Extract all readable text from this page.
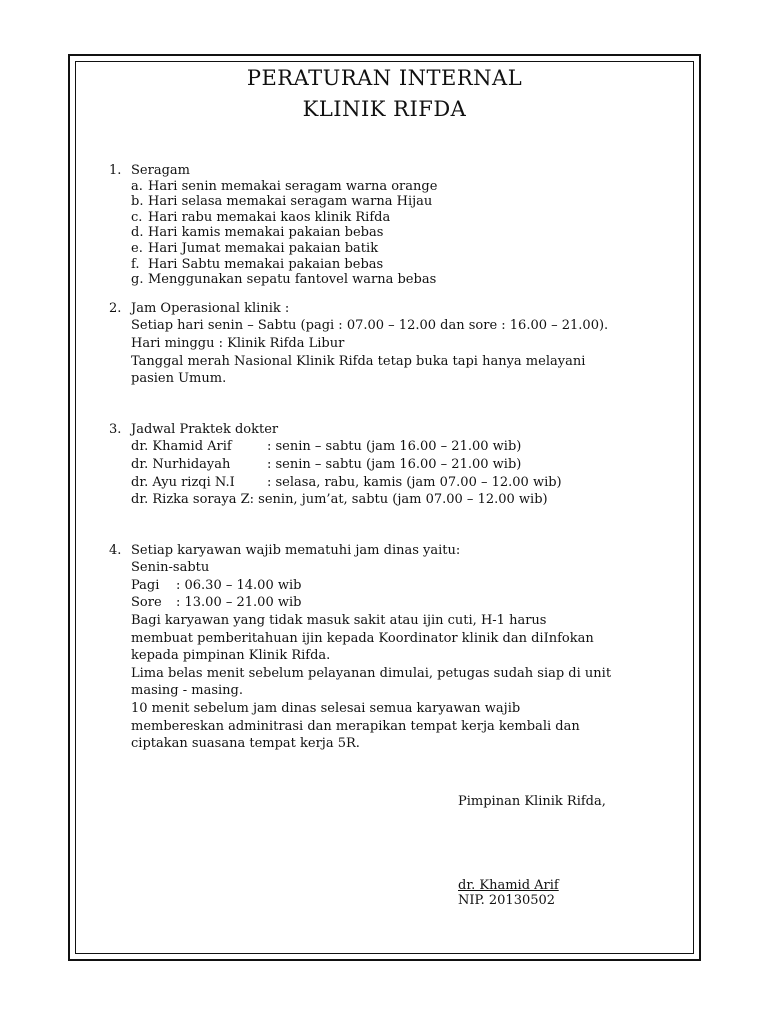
PERATURAN INTERNAL
KLINIK RIFDA
1. Seragam
a. Hari senin memakai seragam warna orange
b. Hari selasa memakai seragam warna Hijau
c. Hari rabu memakai kaos klinik Rifda
d. Hari kamis memakai pakaian bebas
e. Hari Jumat memakai pakaian batik
f. Hari Sabtu memakai pakaian bebas
g. Menggunakan sepatu fantovel warna bebas
2. Jam Operasional klinik :
Setiap hari senin – Sabtu (pagi : 07.00 – 12.00 dan sore : 16.00 – 21.00).
Hari minggu : Klinik Rifda Libur
Tanggal merah Nasional Klinik Rifda tetap buka tapi hanya melayani
pasien Umum.
3. Jadwal Praktek dokter
dr. Khamid Arif	: senin – sabtu (jam 16.00 – 21.00 wib)
dr. Nurhidayah	: senin – sabtu (jam 16.00 – 21.00 wib)
dr. Ayu rizqi N.I	: selasa, rabu, kamis (jam 07.00 – 12.00 wib)
dr. Rizka soraya Z : senin, jum’at, sabtu (jam 07.00 – 12.00 wib)
4. Setiap karyawan wajib mematuhi jam dinas yaitu:
Senin-sabtu
Pagi	: 06.30 – 14.00 wib
Sore	: 13.00 – 21.00 wib
Bagi karyawan yang tidak masuk sakit atau ijin cuti, H-1 harus
membuat pemberitahuan ijin kepada Koordinator klinik dan diInfokan
kepada pimpinan Klinik Rifda.
Lima belas menit sebelum pelayanan dimulai, petugas sudah siap di unit
masing - masing.
10 menit sebelum jam dinas selesai semua karyawan wajib
membereskan adminitrasi dan merapikan tempat kerja kembali dan
ciptakan suasana tempat kerja 5R.
Pimpinan Klinik Rifda,
dr. Khamid Arif
NIP. 20130502
